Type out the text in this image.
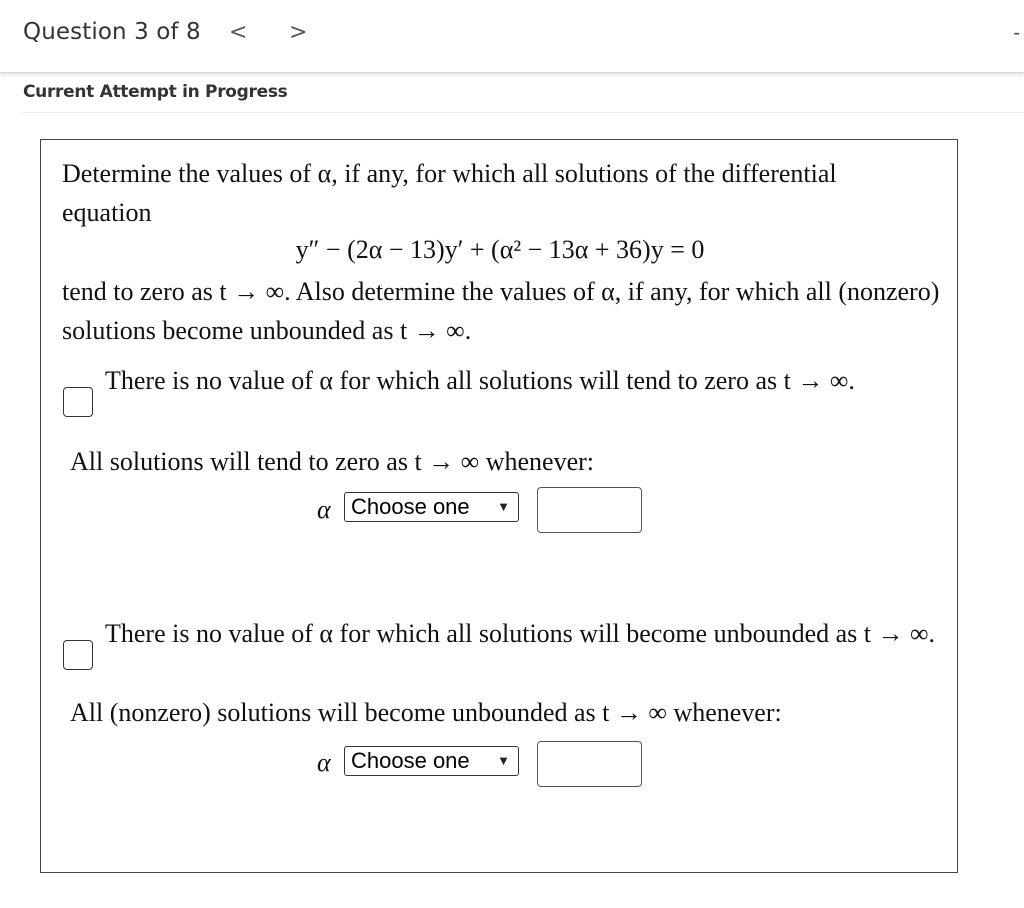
Question 3 of 8 < >	-
Current Attempt in Progress
Determine the values of α, if any, for which all solutions of the differential equation
y″ − (2α − 13)y′ + (α² − 13α + 36)y = 0
tend to zero as t → ∞. Also determine the values of α, if any, for which all (nonzero) solutions become unbounded as t → ∞.
There is no value of α for which all solutions will tend to zero as t → ∞.
All solutions will tend to zero as t → ∞ whenever:
α Choose one ▼
There is no value of α for which all solutions will become unbounded as t → ∞.
All (nonzero) solutions will become unbounded as t → ∞ whenever:
α Choose one ▼
